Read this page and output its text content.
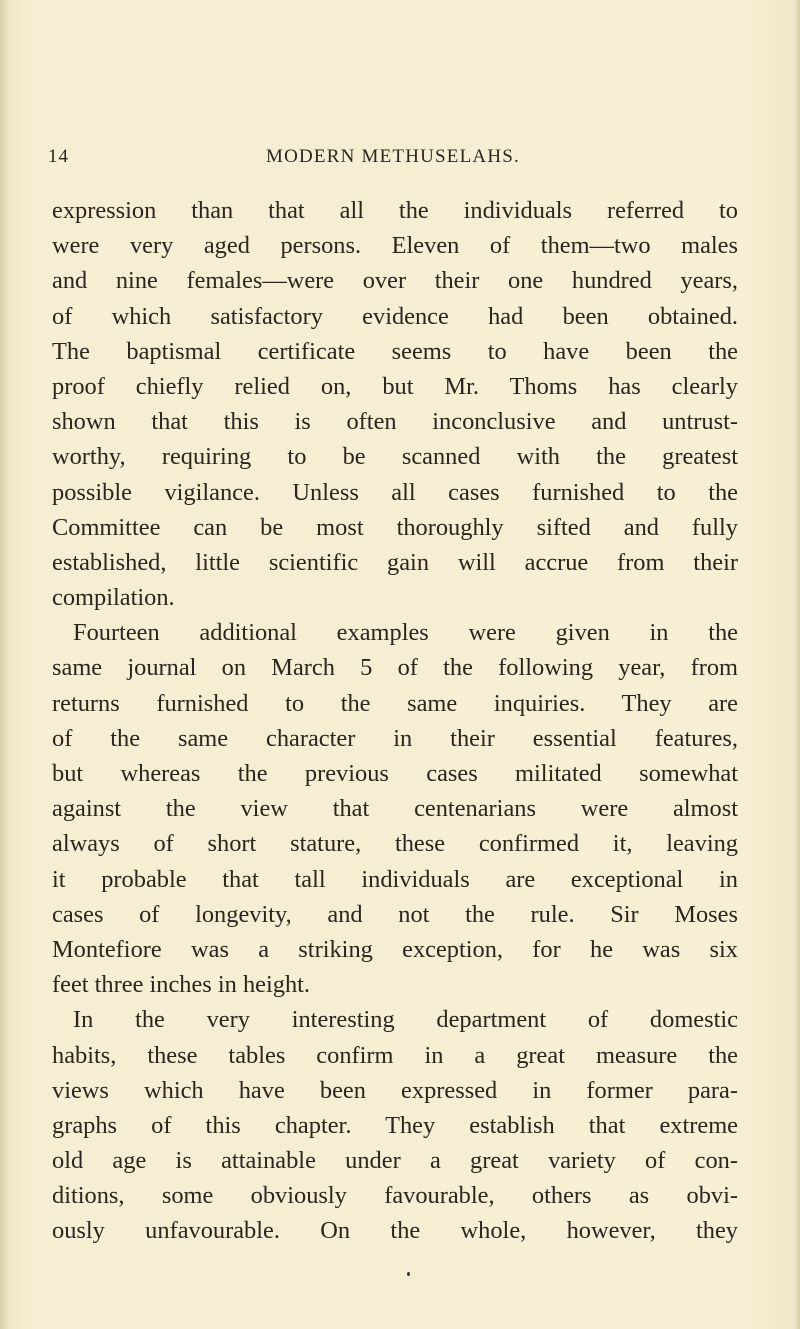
14	MODERN METHUSELAHS.
expression than that all the individuals referred to
were very aged persons. Eleven of them—two males
and nine females—were over their one hundred years,
of which satisfactory evidence had been obtained.
The baptismal certificate seems to have been the
proof chiefly relied on, but Mr. Thoms has clearly
shown that this is often inconclusive and untrust-
worthy, requiring to be scanned with the greatest
possible vigilance. Unless all cases furnished to the
Committee can be most thoroughly sifted and fully
established, little scientific gain will accrue from their
compilation.
Fourteen additional examples were given in the
same journal on March 5 of the following year, from
returns furnished to the same inquiries. They are
of the same character in their essential features,
but whereas the previous cases militated somewhat
against the view that centenarians were almost
always of short stature, these confirmed it, leaving
it probable that tall individuals are exceptional in
cases of longevity, and not the rule. Sir Moses
Montefiore was a striking exception, for he was six
feet three inches in height.
In the very interesting department of domestic
habits, these tables confirm in a great measure the
views which have been expressed in former para-
graphs of this chapter. They establish that extreme
old age is attainable under a great variety of con-
ditions, some obviously favourable, others as obvi-
ously unfavourable. On the whole, however, they
